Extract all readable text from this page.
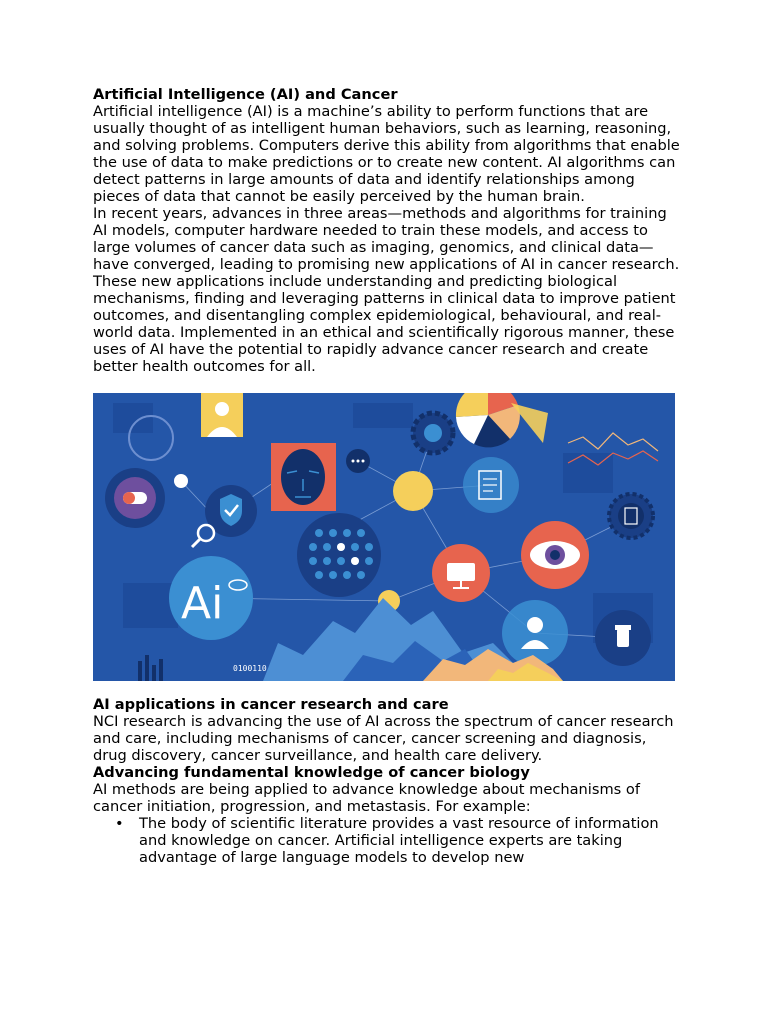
Artificial Intelligence (AI) and Cancer

Artificial intelligence (AI) is a machine’s ability to perform functions that are usually thought of as intelligent human behaviors, such as learning, reasoning, and solving problems. Computers derive this ability from algorithms that enable the use of data to make predictions or to create new content. AI algorithms can detect patterns in large amounts of data and identify relationships among pieces of data that cannot be easily perceived by the human brain.

In recent years, advances in three areas—methods and algorithms for training AI models, computer hardware needed to train these models, and access to large volumes of cancer data such as imaging, genomics, and clinical data—have converged, leading to promising new applications of AI in cancer research.

These new applications include understanding and predicting biological mechanisms, finding and leveraging patterns in clinical data to improve patient outcomes, and disentangling complex epidemiological, behavioural, and real-world data. Implemented in an ethical and scientifically rigorous manner, these uses of AI have the potential to rapidly advance cancer research and create better health outcomes for all.

Ai
0100110

AI applications in cancer research and care

NCI research is advancing the use of AI across the spectrum of cancer research and care, including mechanisms of cancer, cancer screening and diagnosis, drug discovery, cancer surveillance, and health care delivery.

Advancing fundamental knowledge of cancer biology

AI methods are being applied to advance knowledge about mechanisms of cancer initiation, progression, and metastasis. For example:

• The body of scientific literature provides a vast resource of information and knowledge on cancer. Artificial intelligence experts are taking advantage of large language models to develop new
